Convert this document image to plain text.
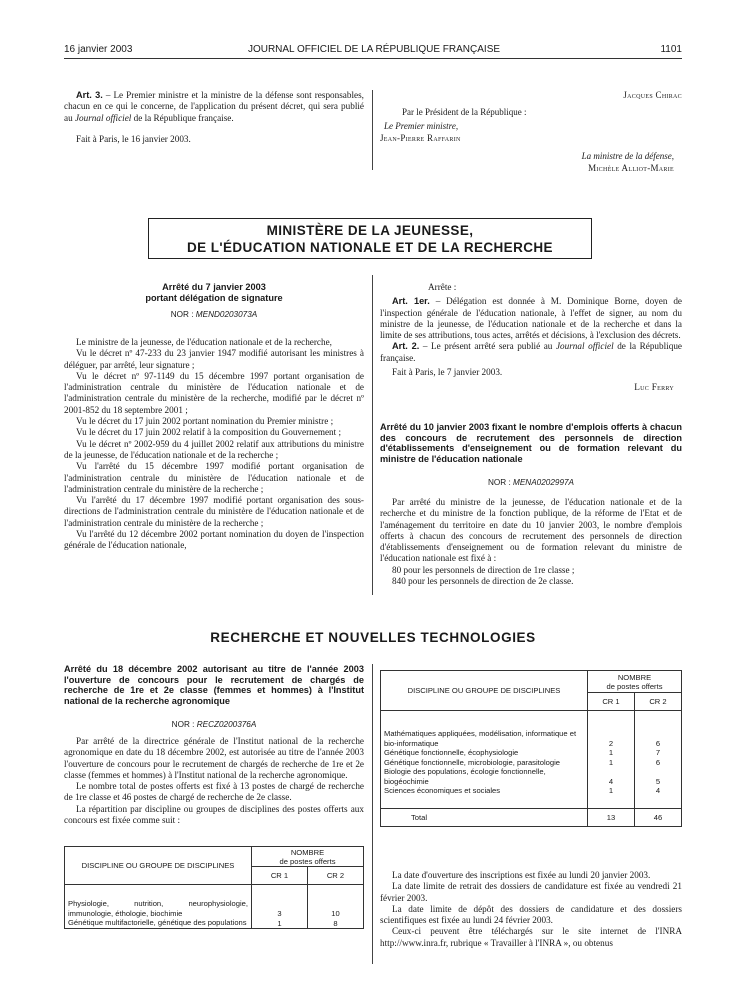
16 janvier 2003	JOURNAL OFFICIEL DE LA RÉPUBLIQUE FRANÇAISE	1101

Art. 3. – Le Premier ministre et la ministre de la défense sont responsables, chacun en ce qui le concerne, de l'application du présent décret, qui sera publié au Journal officiel de la République française.

Fait à Paris, le 16 janvier 2003.

Jacques Chirac
Par le Président de la République :
Le Premier ministre,
Jean-Pierre Raffarin
La ministre de la défense,
Michèle Alliot-Marie
MINISTÈRE DE LA JEUNESSE,
DE L'ÉDUCATION NATIONALE ET DE LA RECHERCHE
Arrêté du 7 janvier 2003
portant délégation de signature
NOR : MEND0203073A

Le ministre de la jeunesse, de l'éducation nationale et de la recherche,

Vu le décret nº 47-233 du 23 janvier 1947 modifié autorisant les ministres à déléguer, par arrêté, leur signature ;

Vu le décret nº 97-1149 du 15 décembre 1997 portant organisation de l'administration centrale du ministère de l'éducation nationale et de l'administration centrale du ministère de la recherche, modifié par le décret nº 2001-852 du 18 septembre 2001 ;

Vu le décret du 17 juin 2002 portant nomination du Premier ministre ;

Vu le décret du 17 juin 2002 relatif à la composition du Gouvernement ;

Vu le décret nº 2002-959 du 4 juillet 2002 relatif aux attributions du ministre de la jeunesse, de l'éducation nationale et de la recherche ;

Vu l'arrêté du 15 décembre 1997 modifié portant organisation de l'administration centrale du ministère de l'éducation nationale et de l'administration centrale du ministère de la recherche ;

Vu l'arrêté du 17 décembre 1997 modifié portant organisation des sous-directions de l'administration centrale du ministère de l'éducation nationale et de l'administration centrale du ministère de la recherche ;

Vu l'arrêté du 12 décembre 2002 portant nomination du doyen de l'inspection générale de l'éducation nationale,

Arrête :

Art. 1er. – Délégation est donnée à M. Dominique Borne, doyen de l'inspection générale de l'éducation nationale, à l'effet de signer, au nom du ministre de la jeunesse, de l'éducation nationale et de la recherche et dans la limite de ses attributions, tous actes, arrêtés et décisions, à l'exclusion des décrets.

Art. 2. – Le présent arrêté sera publié au Journal officiel de la République française.

Fait à Paris, le 7 janvier 2003.

Luc Ferry

Arrêté du 10 janvier 2003 fixant le nombre d'emplois offerts à chacun des concours de recrutement des personnels de direction d'établissements d'enseignement ou de formation relevant du ministre de l'éducation nationale
NOR : MENA0202997A

Par arrêté du ministre de la jeunesse, de l'éducation nationale et de la recherche et du ministre de la fonction publique, de la réforme de l'Etat et de l'aménagement du territoire en date du 10 janvier 2003, le nombre d'emplois offerts à chacun des concours de recrutement des personnels de direction d'établissements d'enseignement ou de formation relevant du ministre de l'éducation nationale est fixé à :

80 pour les personnels de direction de 1re classe ;

840 pour les personnels de direction de 2e classe.

RECHERCHE ET NOUVELLES TECHNOLOGIES
Arrêté du 18 décembre 2002 autorisant au titre de l'année 2003 l'ouverture de concours pour le recrutement de chargés de recherche de 1re et 2e classe (femmes et hommes) à l'Institut national de la recherche agronomique
NOR : RECZ0200376A

Par arrêté de la directrice générale de l'Institut national de la recherche agronomique en date du 18 décembre 2002, est autorisée au titre de l'année 2003 l'ouverture de concours pour le recrutement de chargés de recherche de 1re et 2e classe (femmes et hommes) à l'Institut national de la recherche agronomique.

Le nombre total de postes offerts est fixé à 13 postes de chargé de recherche de 1re classe et 46 postes de chargé de recherche de 2e classe.

La répartition par discipline ou groupes de disciplines des postes offerts aux concours est fixée comme suit :

DISCIPLINE OU GROUPE DE DISCIPLINES	NOMBRE
de postes offerts	
	CR 1	CR 2
Physiologie, nutrition, neurophysiologie, immunologie, éthologie, biochimie	3	10
Génétique multifactorielle, génétique des populations	1	8
DISCIPLINE OU GROUPE DE DISCIPLINES	NOMBRE
de postes offerts	
	CR 1	CR 2
Mathématiques appliquées, modélisation, informatique et bio-informatique	2	6
Génétique fonctionnelle, écophysiologie	1	7
Génétique fonctionnelle, microbiologie, parasitologie	1	6
Biologie des populations, écologie fonctionnelle, biogéochimie	4	5
Sciences économiques et sociales	1	4
Total	13	46

La date d'ouverture des inscriptions est fixée au lundi 20 janvier 2003.

La date limite de retrait des dossiers de candidature est fixée au vendredi 21 février 2003.

La date limite de dépôt des dossiers de candidature et des dossiers scientifiques est fixée au lundi 24 février 2003.

Ceux-ci peuvent être téléchargés sur le site internet de l'INRA http://www.inra.fr, rubrique « Travailler à l'INRA », ou obtenus
